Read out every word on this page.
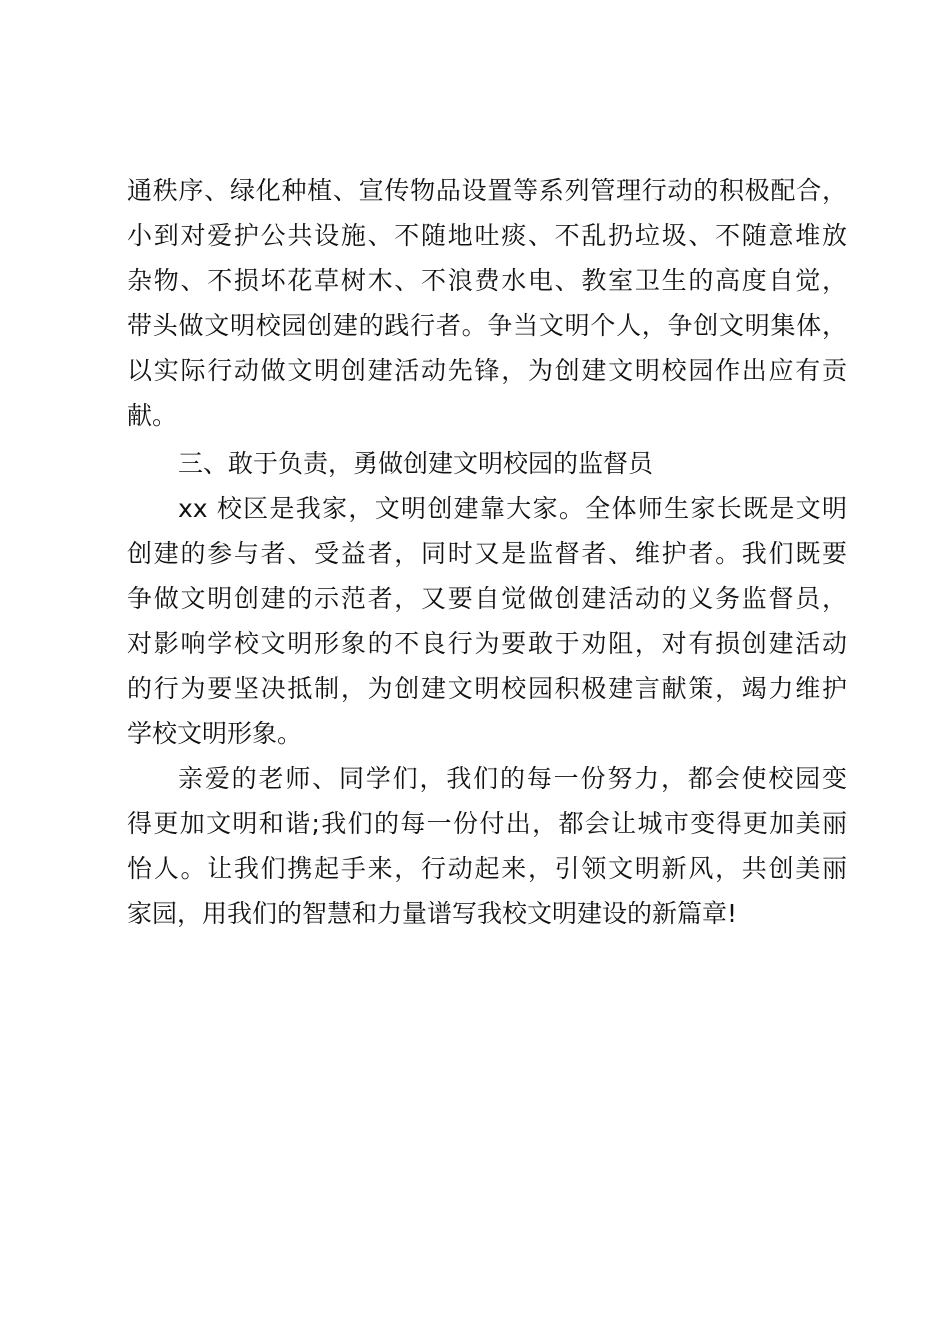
通秩序、绿化种植、宣传物品设置等系列管理行动的积极配合，
小到对爱护公共设施、不随地吐痰、不乱扔垃圾、不随意堆放
杂物、不损坏花草树木、不浪费水电、教室卫生的高度自觉，
带头做文明校园创建的践行者。争当文明个人，争创文明集体，
以实际行动做文明创建活动先锋，为创建文明校园作出应有贡
献。
三、敢于负责，勇做创建文明校园的监督员
xx 校区是我家，文明创建靠大家。全体师生家长既是文明
创建的参与者、受益者，同时又是监督者、维护者。我们既要
争做文明创建的示范者，又要自觉做创建活动的义务监督员，
对影响学校文明形象的不良行为要敢于劝阻，对有损创建活动
的行为要坚决抵制，为创建文明校园积极建言献策，竭力维护
学校文明形象。
亲爱的老师、同学们，我们的每一份努力，都会使校园变
得更加文明和谐;我们的每一份付出，都会让城市变得更加美丽
怡人。让我们携起手来，行动起来，引领文明新风，共创美丽
家园，用我们的智慧和力量谱写我校文明建设的新篇章!
